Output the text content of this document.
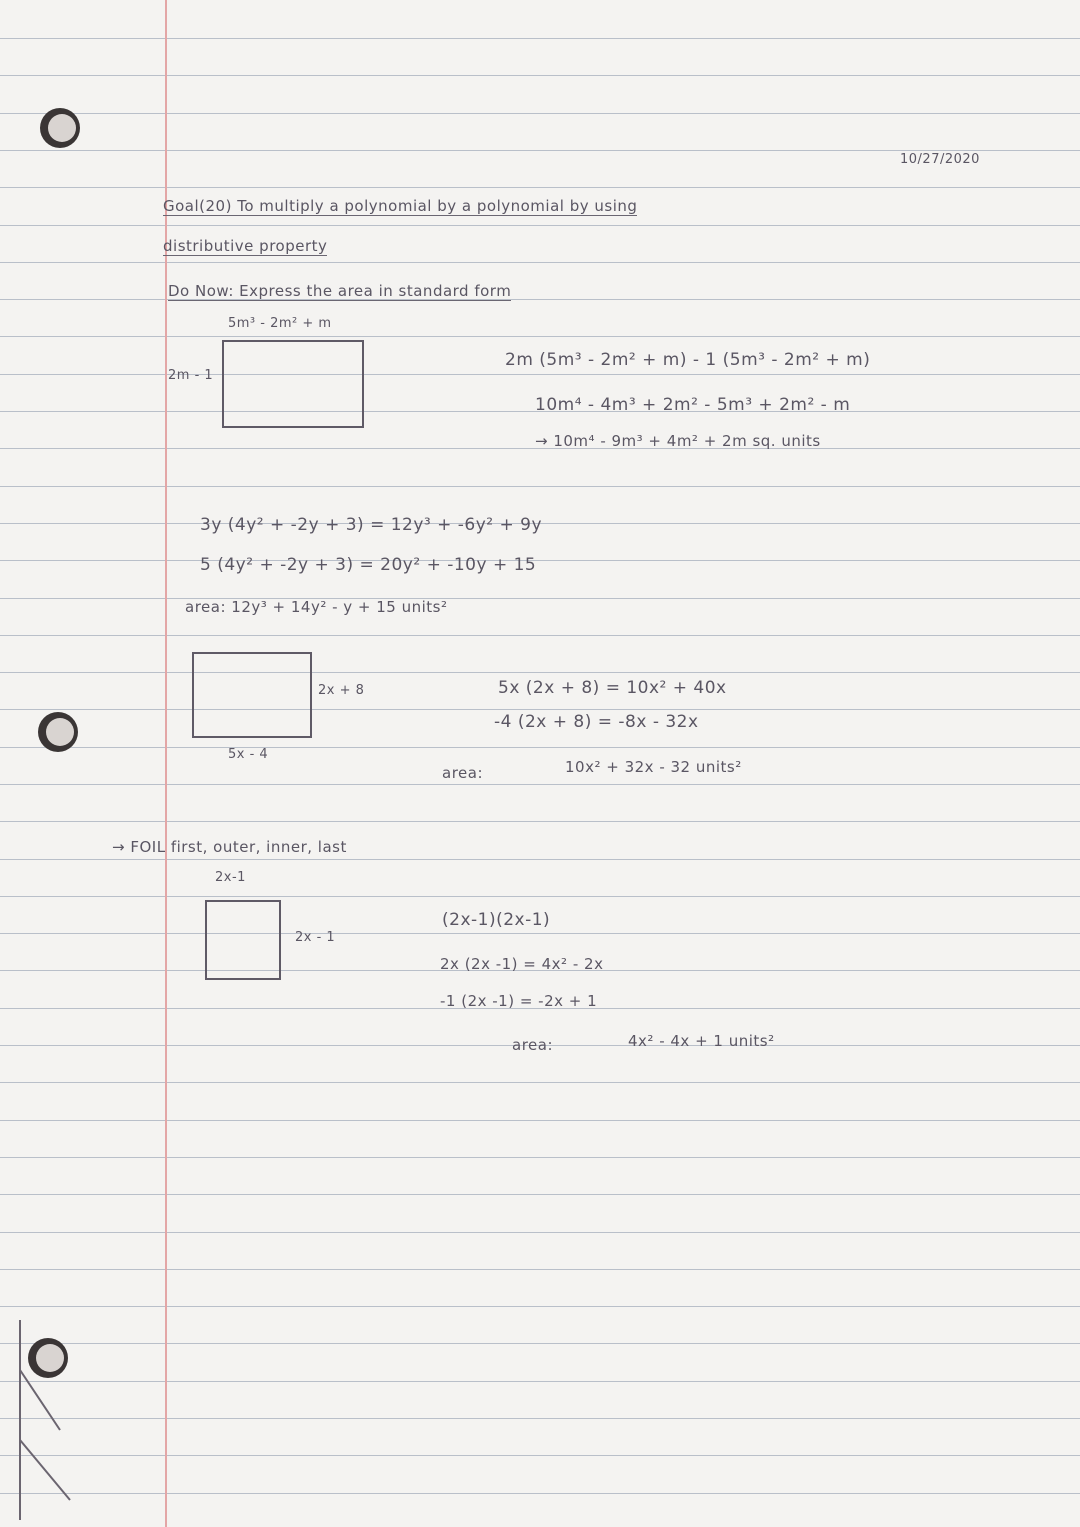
10/27/2020
Goal(20) To multiply a polynomial by a polynomial by using
distributive property
Do Now: Express the area in standard form
5m³ - 2m² + m
2m - 1
2m (5m³ - 2m² + m) - 1 (5m³ - 2m² + m)
10m⁴ - 4m³ + 2m² - 5m³ + 2m² - m
→ 10m⁴ - 9m³ + 4m² + 2m sq. units
3y (4y² + -2y + 3) = 12y³ + -6y² + 9y
5 (4y² + -2y + 3) = 20y² + -10y + 15
area: 12y³ + 14y² - y + 15 units²
2x + 8
5x - 4
5x (2x + 8) = 10x² + 40x
-4 (2x + 8) = -8x - 32x
area:	10x² + 32x - 32 units²
→ FOIL first, outer, inner, last
2x-1
2x - 1
(2x-1)(2x-1)
2x (2x -1) = 4x² - 2x
-1 (2x -1) = -2x + 1
area:	4x² - 4x + 1 units²
